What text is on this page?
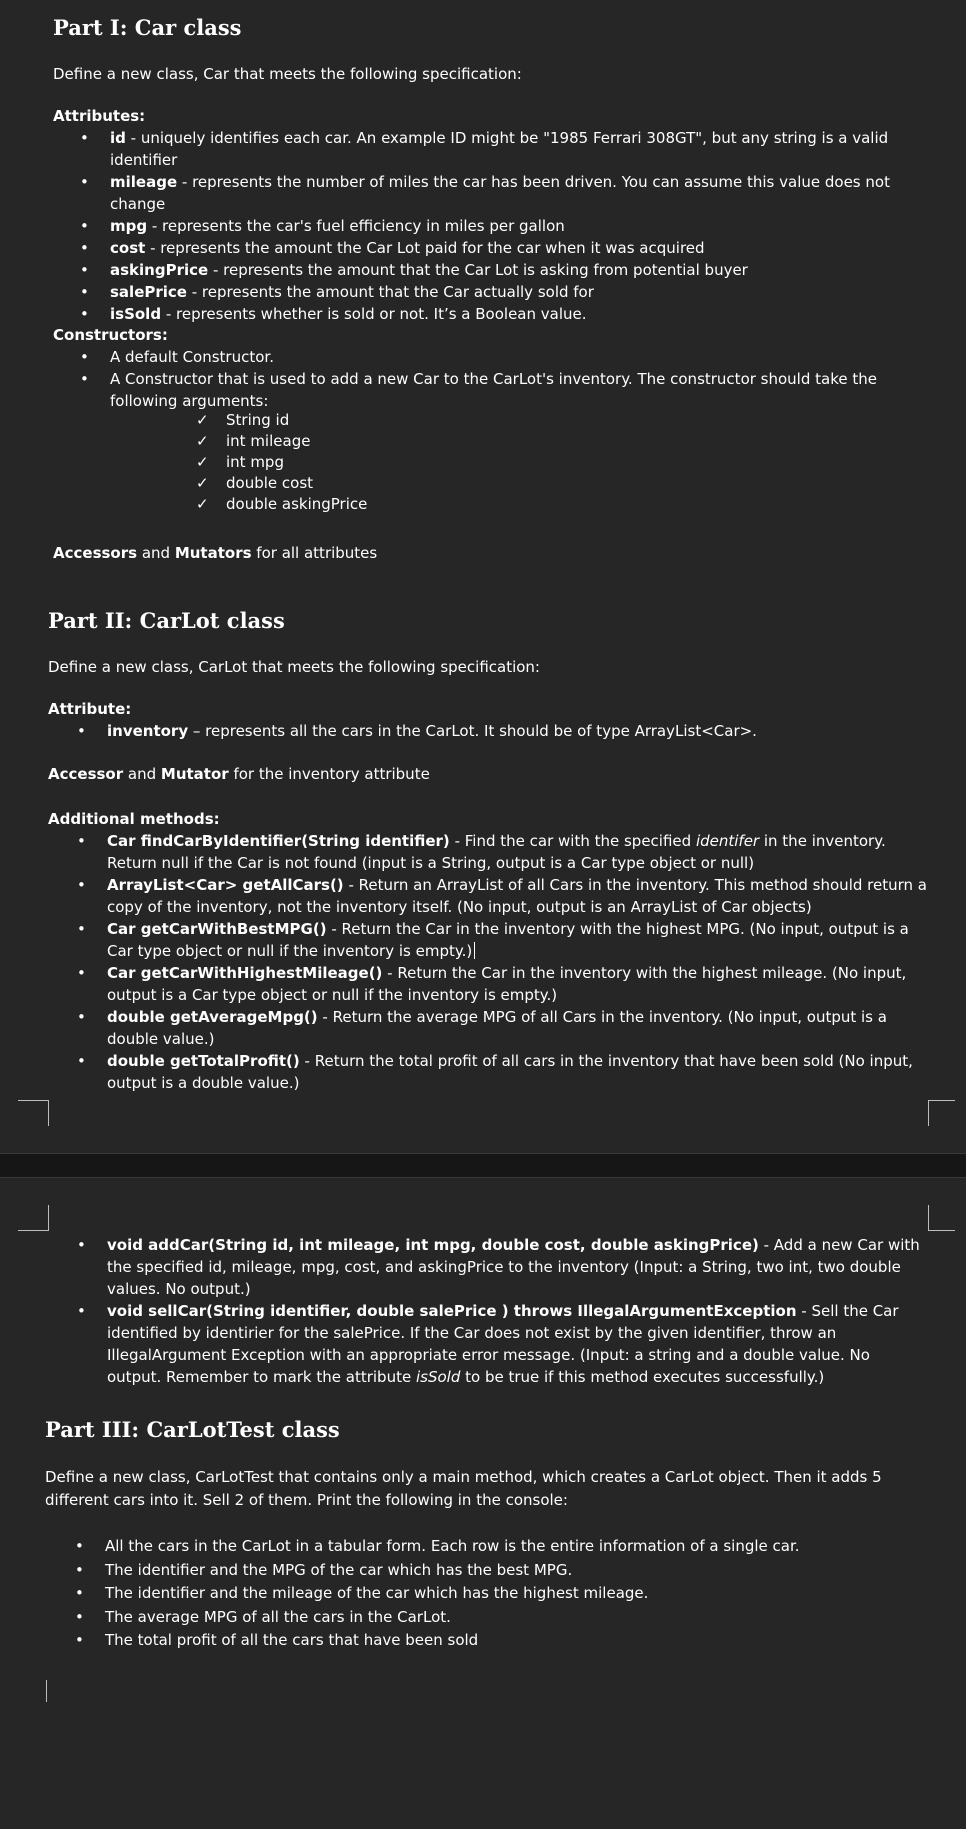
Part I: Car class

Define a new class, Car that meets the following specification:

Attributes:

• id - uniquely identifies each car. An example ID might be "1985 Ferrari 308GT", but any string is a valid identifier
• mileage - represents the number of miles the car has been driven. You can assume this value does not change
• mpg - represents the car's fuel efficiency in miles per gallon
• cost - represents the amount the Car Lot paid for the car when it was acquired
• askingPrice - represents the amount that the Car Lot is asking from potential buyer
• salePrice - represents the amount that the Car actually sold for
• isSold - represents whether is sold or not. It’s a Boolean value.

Constructors:

• A default Constructor.
• A Constructor that is used to add a new Car to the CarLot's inventory. The constructor should take the following arguments:
✓ String id
✓ int mileage
✓ int mpg
✓ double cost
✓ double askingPrice

Accessors and Mutators for all attributes

Part II: CarLot class

Define a new class, CarLot that meets the following specification:

Attribute:

• inventory – represents all the cars in the CarLot. It should be of type ArrayList<Car>.

Accessor and Mutator for the inventory attribute

Additional methods:

• Car findCarByIdentifier(String identifier) - Find the car with the specified identifer in the inventory. Return null if the Car is not found (input is a String, output is a Car type object or null)
• ArrayList<Car> getAllCars() - Return an ArrayList of all Cars in the inventory. This method should return a copy of the inventory, not the inventory itself. (No input, output is an ArrayList of Car objects)
• Car getCarWithBestMPG() - Return the Car in the inventory with the highest MPG. (No input, output is a Car type object or null if the inventory is empty.)
• Car getCarWithHighestMileage() - Return the Car in the inventory with the highest mileage. (No input, output is a Car type object or null if the inventory is empty.)
• double getAverageMpg() - Return the average MPG of all Cars in the inventory. (No input, output is a double value.)
• double getTotalProfit() - Return the total profit of all cars in the inventory that have been sold (No input, output is a double value.)
• void addCar(String id, int mileage, int mpg, double cost, double askingPrice) - Add a new Car with the specified id, mileage, mpg, cost, and askingPrice to the inventory (Input: a String, two int, two double values. No output.)
• void sellCar(String identifier, double salePrice ) throws IllegalArgumentException - Sell the Car identified by identirier for the salePrice. If the Car does not exist by the given identifier, throw an IllegalArgument Exception with an appropriate error message. (Input: a string and a double value. No output. Remember to mark the attribute isSold to be true if this method executes successfully.)
Part III: CarLotTest class

Define a new class, CarLotTest that contains only a main method, which creates a CarLot object. Then it adds 5 different cars into it. Sell 2 of them. Print the following in the console:

• All the cars in the CarLot in a tabular form. Each row is the entire information of a single car.
• The identifier and the MPG of the car which has the best MPG.
• The identifier and the mileage of the car which has the highest mileage.
• The average MPG of all the cars in the CarLot.
• The total profit of all the cars that have been sold
